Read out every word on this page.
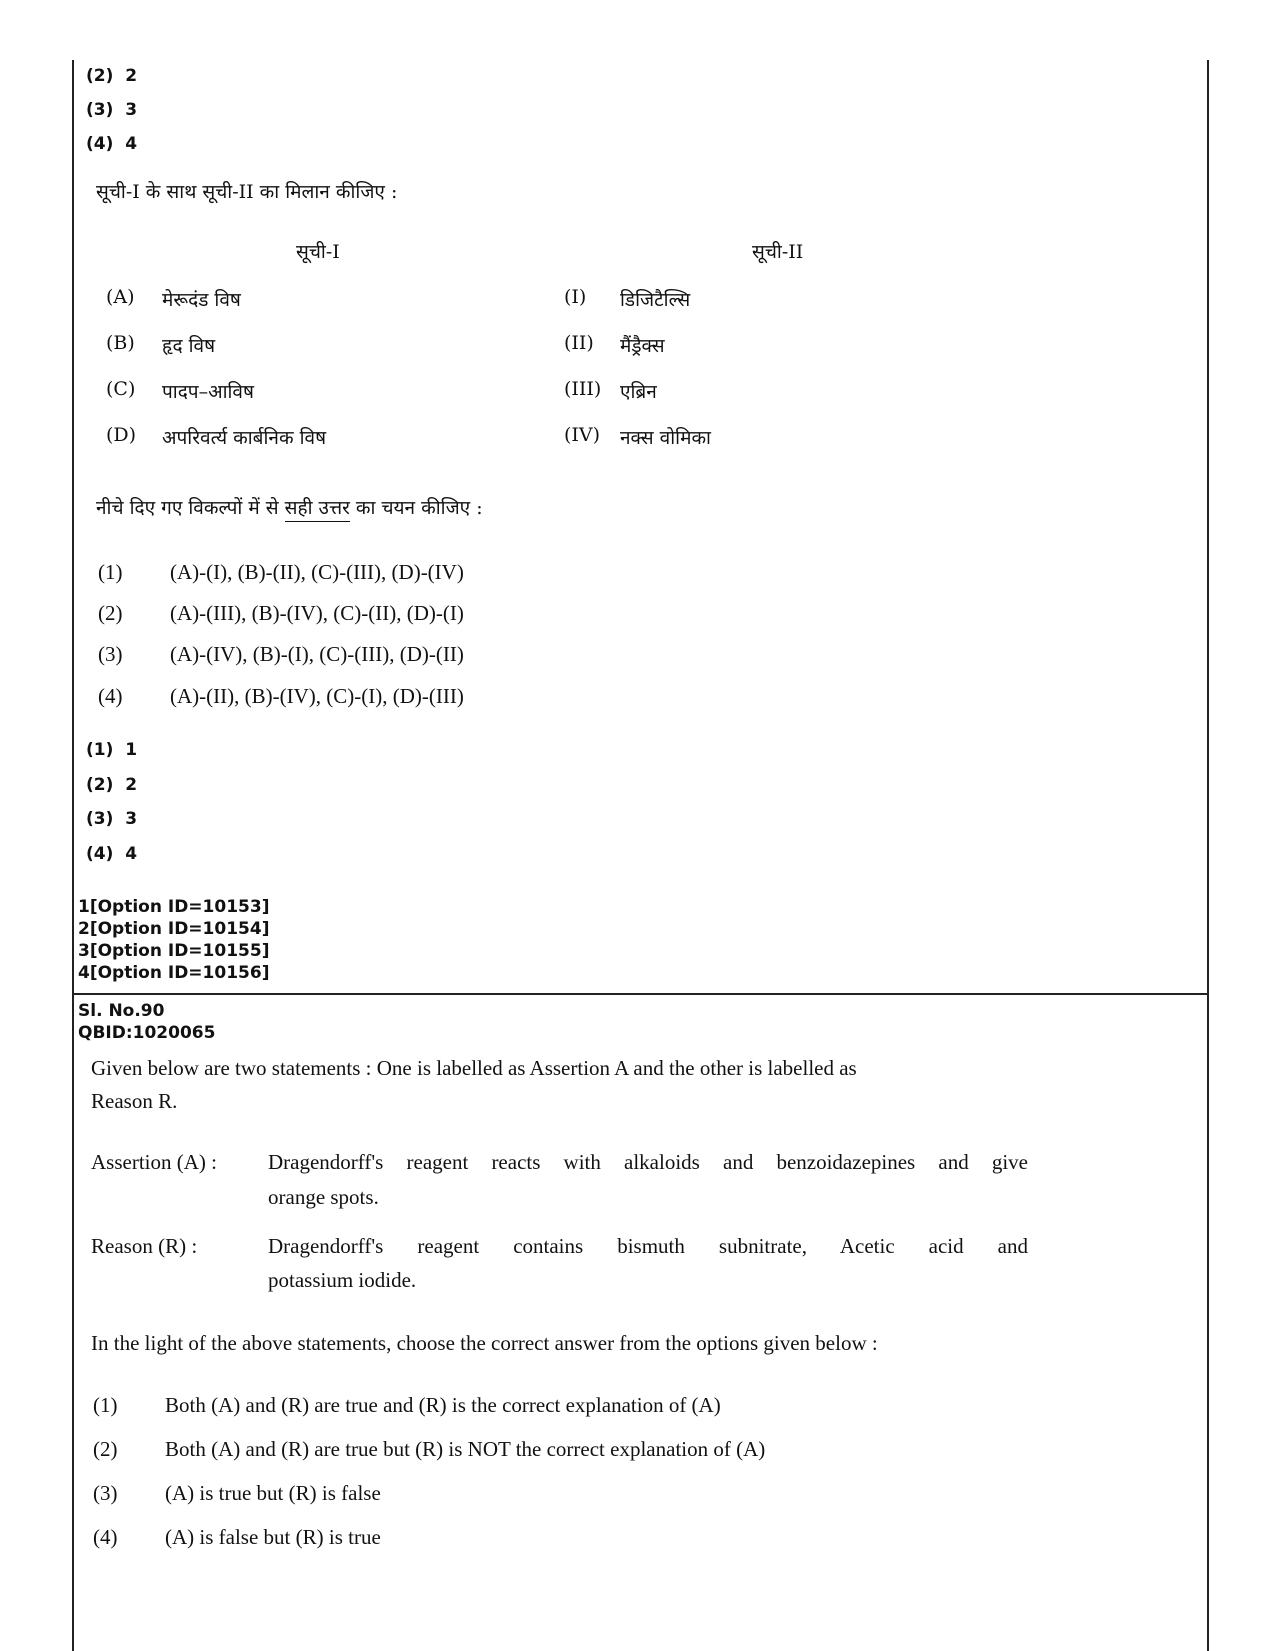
(2) 2
(3) 3
(4) 4
सूची-I के साथ सूची-II का मिलान कीजिए :
सूची-I	सूची-II
(A) मेरूदंड विष
(B) हृद विष
(C) पादप–आविष
(D) अपरिवर्त्य कार्बनिक विष
(I) डिजिटैल्सि
(II) मैंड्रैक्स
(III) एब्रिन
(IV) नक्स वोमिका
नीचे दिए गए विकल्पों में से सही उत्तर का चयन कीजिए :
(1) (A)-(I), (B)-(II), (C)-(III), (D)-(IV)
(2) (A)-(III), (B)-(IV), (C)-(II), (D)-(I)
(3) (A)-(IV), (B)-(I), (C)-(III), (D)-(II)
(4) (A)-(II), (B)-(IV), (C)-(I), (D)-(III)
(1) 1
(2) 2
(3) 3
(4) 4
1[Option ID=10153]
2[Option ID=10154]
3[Option ID=10155]
4[Option ID=10156]
Sl. No.90
QBID:1020065
Given below are two statements : One is labelled as Assertion A and the other is labelled as
Reason R.
Assertion (A) : Dragendorff's reagent reacts with alkaloids and benzoidazepines and give
orange spots.
Reason (R) :	Dragendorff's reagent contains bismuth subnitrate, Acetic acid and
potassium iodide.
In the light of the above statements, choose the correct answer from the options given below :
(1) Both (A) and (R) are true and (R) is the correct explanation of (A)
(2) Both (A) and (R) are true but (R) is NOT the correct explanation of (A)
(3) (A) is true but (R) is false
(4) (A) is false but (R) is true
